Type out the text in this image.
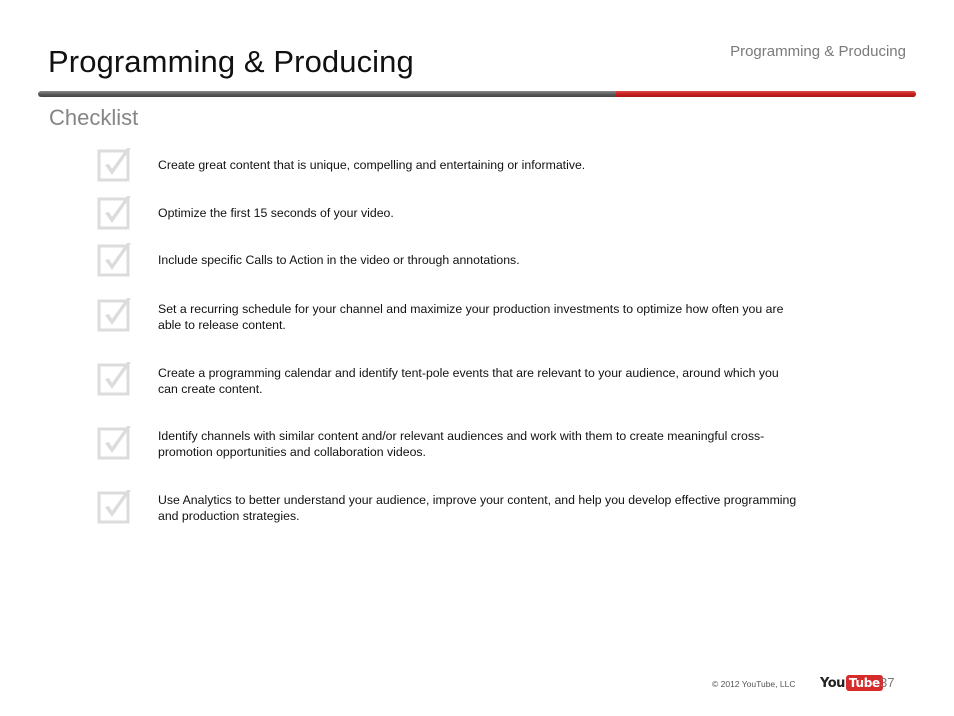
Programming & Producing	Programming & Producing
Checklist
Create great content that is unique, compelling and entertaining or informative.
Optimize the first 15 seconds of your video.
Include specific Calls to Action in the video or through annotations.
Set a recurring schedule for your channel and maximize your production investments to optimize how often you are able to release content.
Create a programming calendar and identify tent-pole events that are relevant to your audience, around which you can create content.
Identify channels with similar content and/or relevant audiences and work with them to create meaningful cross-promotion opportunities and collaboration videos.
Use Analytics to better understand your audience, improve your content, and help you develop effective programming and production strategies.
© 2012 YouTube, LLC You Tube 37
